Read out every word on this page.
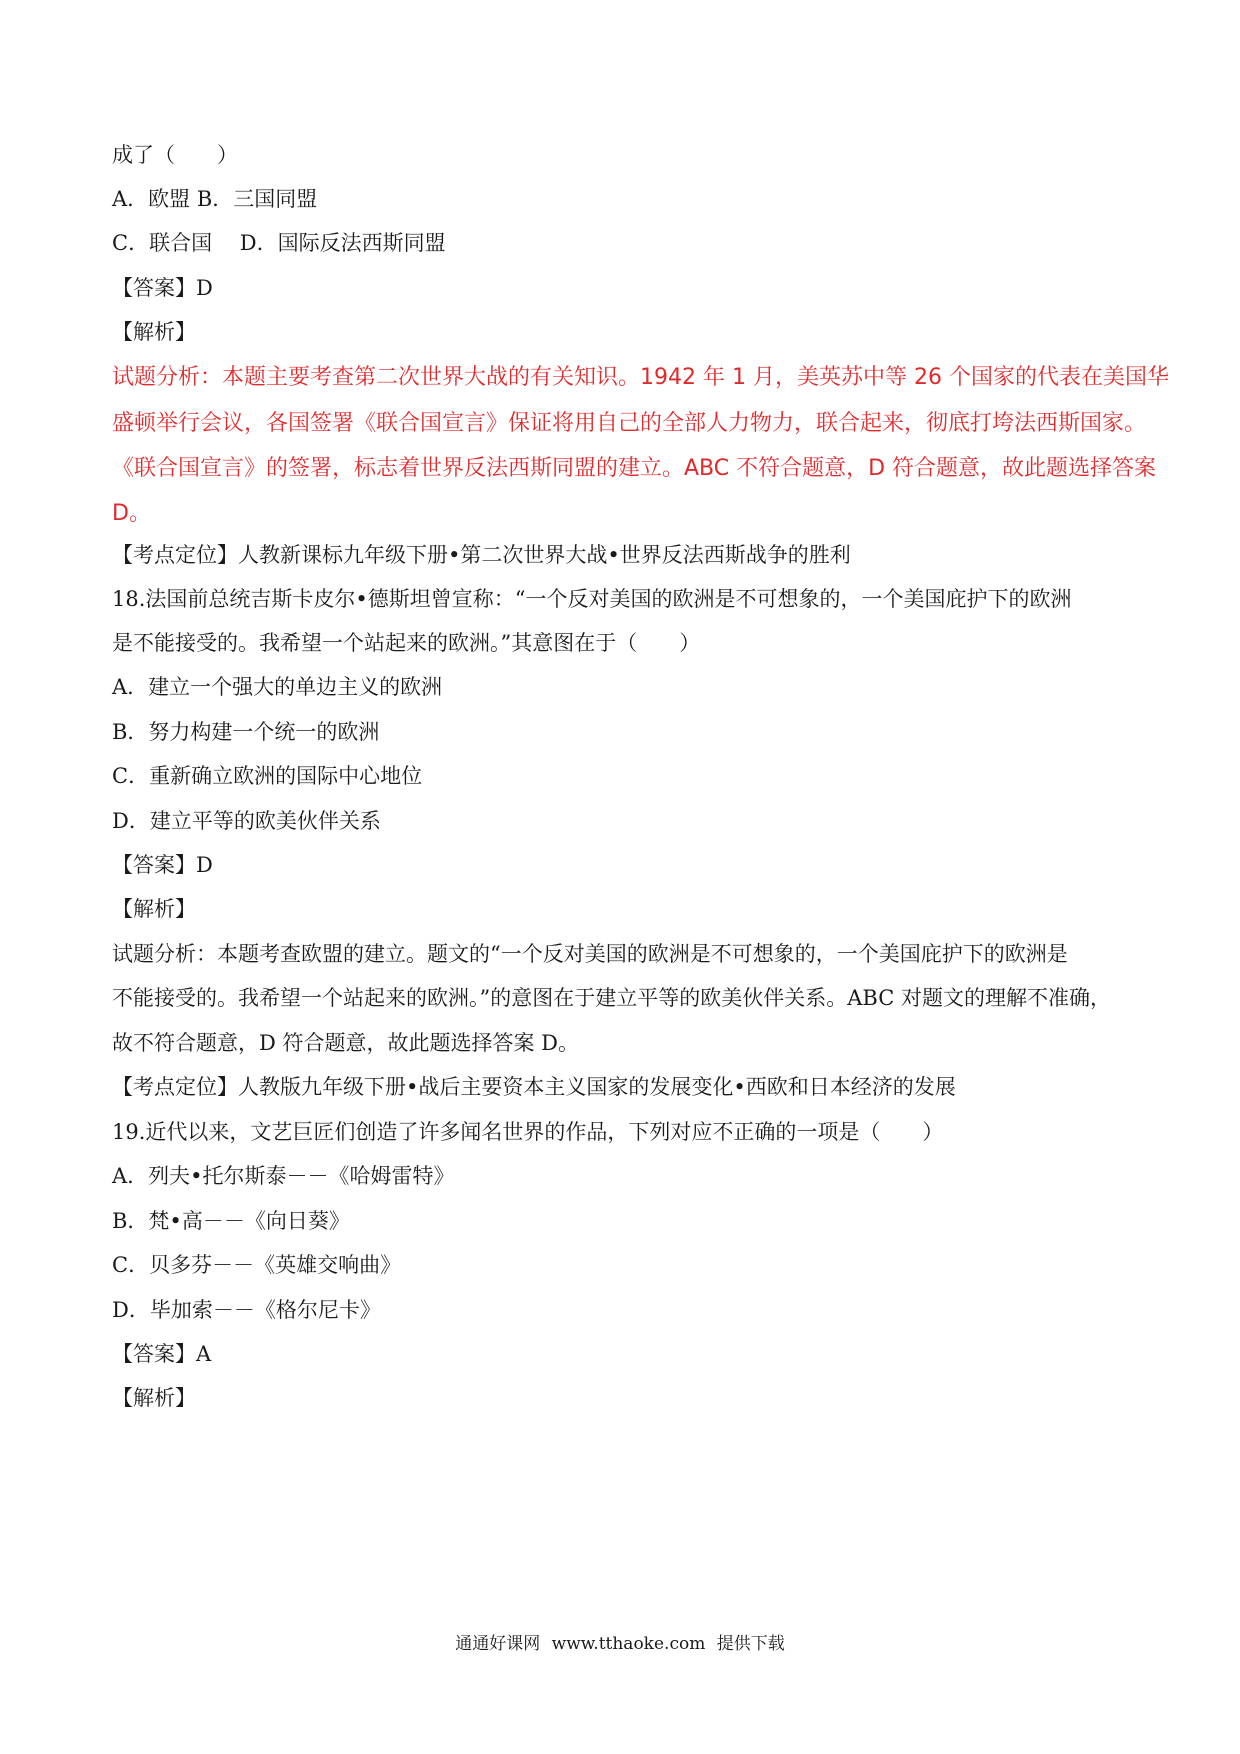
成了（　　）
A．欧盟 B．三国同盟
C．联合国　 D．国际反法西斯同盟
【答案】D
【解析】
试题分析：本题主要考查第二次世界大战的有关知识。1942 年 1 月，美英苏中等 26 个国家的代表在美国华
盛顿举行会议，各国签署《联合国宣言》保证将用自己的全部人力物力，联合起来，彻底打垮法西斯国家。
《联合国宣言》的签署，标志着世界反法西斯同盟的建立。ABC 不符合题意，D 符合题意，故此题选择答案
D。
【考点定位】人教新课标九年级下册•第二次世界大战•世界反法西斯战争的胜利
18.法国前总统吉斯卡皮尔•德斯坦曾宣称：“一个反对美国的欧洲是不可想象的，一个美国庇护下的欧洲
是不能接受的。我希望一个站起来的欧洲。”其意图在于（　　）
A．建立一个强大的单边主义的欧洲
B．努力构建一个统一的欧洲
C．重新确立欧洲的国际中心地位
D．建立平等的欧美伙伴关系
【答案】D
【解析】
试题分析：本题考查欧盟的建立。题文的“一个反对美国的欧洲是不可想象的，一个美国庇护下的欧洲是
不能接受的。我希望一个站起来的欧洲。”的意图在于建立平等的欧美伙伴关系。ABC 对题文的理解不准确，
故不符合题意，D 符合题意，故此题选择答案 D。
【考点定位】人教版九年级下册•战后主要资本主义国家的发展变化•西欧和日本经济的发展
19.近代以来，文艺巨匠们创造了许多闻名世界的作品，下列对应不正确的一项是（　　）
A．列夫•托尔斯泰－－《哈姆雷特》
B．梵•高－－《向日葵》
C．贝多芬－－《英雄交响曲》
D．毕加索－－《格尔尼卡》
【答案】A
【解析】
通通好课网 www.tthaoke.com 提供下载
